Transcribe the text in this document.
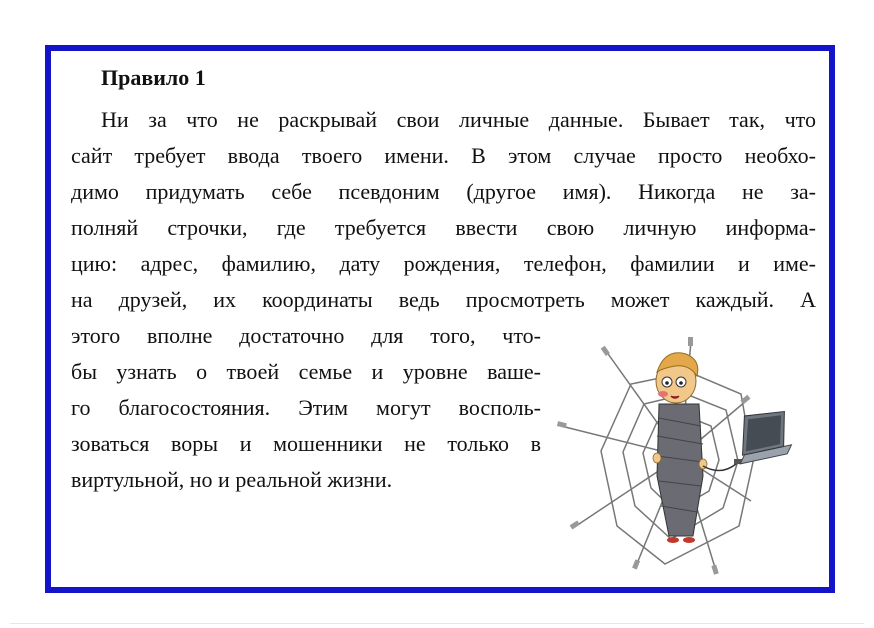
Правило 1
Ни за что не раскрывай свои личные данные. Бывает так, что
сайт требует ввода твоего имени. В этом случае просто необхо-
димо придумать себе псевдоним (другое имя). Никогда не за-
полняй строчки, где требуется ввести свою личную информа-
цию: адрес, фамилию, дату рождения, телефон, фамилии и име-
на друзей, их координаты ведь просмотреть может каждый. А
этого вполне достаточно для того, что-
бы узнать о твоей семье и уровне ваше-
го благосостояния. Этим могут восполь-
зоваться воры и мошенники не только в
виртульной, но и реальной жизни.
